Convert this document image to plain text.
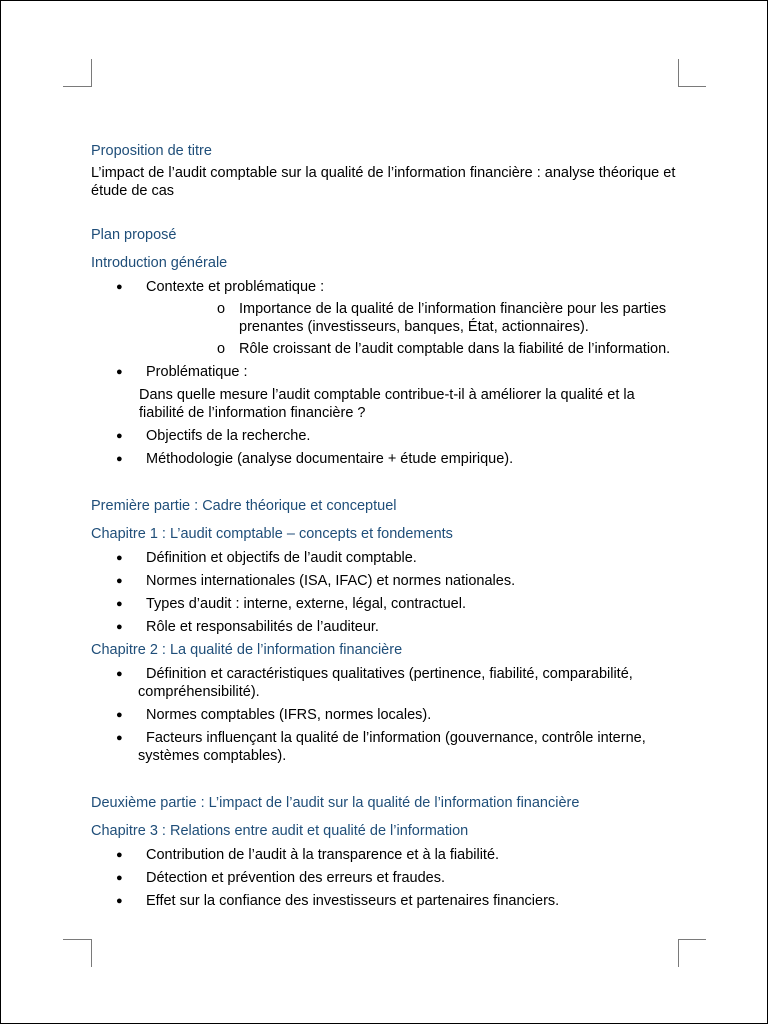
Proposition de titre
L’impact de l’audit comptable sur la qualité de l’information financière : analyse théorique et étude de cas
Plan proposé
Introduction générale
● Contexte et problématique :
o Importance de la qualité de l’information financière pour les parties prenantes (investisseurs, banques, État, actionnaires).
o Rôle croissant de l’audit comptable dans la fiabilité de l’information.
● Problématique :
Dans quelle mesure l’audit comptable contribue-t-il à améliorer la qualité et la fiabilité de l’information financière ?
● Objectifs de la recherche.
● Méthodologie (analyse documentaire + étude empirique).
Première partie : Cadre théorique et conceptuel
Chapitre 1 : L’audit comptable – concepts et fondements
● Définition et objectifs de l’audit comptable.
● Normes internationales (ISA, IFAC) et normes nationales.
● Types d’audit : interne, externe, légal, contractuel.
● Rôle et responsabilités de l’auditeur.
Chapitre 2 : La qualité de l’information financière
● Définition et caractéristiques qualitatives (pertinence, fiabilité, comparabilité, compréhensibilité).
● Normes comptables (IFRS, normes locales).
● Facteurs influençant la qualité de l’information (gouvernance, contrôle interne, systèmes comptables).
Deuxième partie : L’impact de l’audit sur la qualité de l’information financière
Chapitre 3 : Relations entre audit et qualité de l’information
● Contribution de l’audit à la transparence et à la fiabilité.
● Détection et prévention des erreurs et fraudes.
● Effet sur la confiance des investisseurs et partenaires financiers.
